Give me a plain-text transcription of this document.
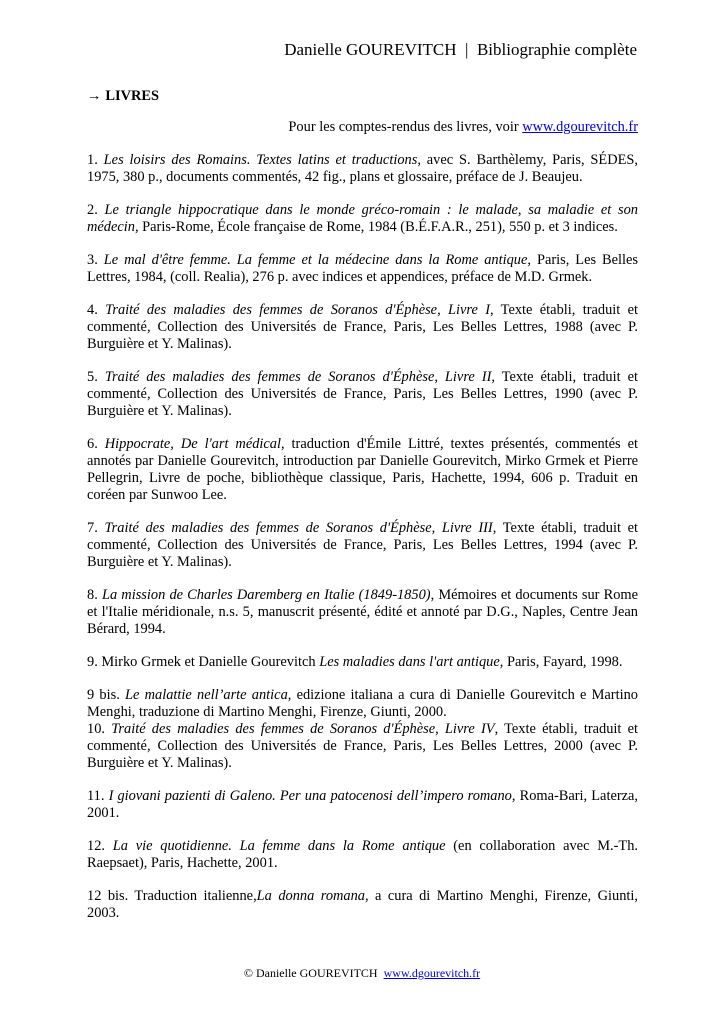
Danielle GOUREVITCH | Bibliographie complète
→ LIVRES
Pour les comptes-rendus des livres, voir www.dgourevitch.fr

1. Les loisirs des Romains. Textes latins et traductions, avec S. Barthèlemy, Paris, SÉDES, 1975, 380 p., documents commentés, 42 fig., plans et glossaire, préface de J. Beaujeu.

2. Le triangle hippocratique dans le monde gréco-romain : le malade, sa maladie et son médecin, Paris-Rome, École française de Rome, 1984 (B.É.F.A.R., 251), 550 p. et 3 indices.

3. Le mal d'être femme. La femme et la médecine dans la Rome antique, Paris, Les Belles Lettres, 1984, (coll. Realia), 276 p. avec indices et appendices, préface de M.D. Grmek.

4. Traité des maladies des femmes de Soranos d'Éphèse, Livre I, Texte établi, traduit et commenté, Collection des Universités de France, Paris, Les Belles Lettres, 1988 (avec P. Burguière et Y. Malinas).

5. Traité des maladies des femmes de Soranos d'Éphèse, Livre II, Texte établi, traduit et commenté, Collection des Universités de France, Paris, Les Belles Lettres, 1990 (avec P. Burguière et Y. Malinas).

6. Hippocrate, De l'art médical, traduction d'Émile Littré, textes présentés, commentés et annotés par Danielle Gourevitch, introduction par Danielle Gourevitch, Mirko Grmek et Pierre Pellegrin, Livre de poche, bibliothèque classique, Paris, Hachette, 1994, 606 p. Traduit en coréen par Sunwoo Lee.

7. Traité des maladies des femmes de Soranos d'Éphèse, Livre III, Texte établi, traduit et commenté, Collection des Universités de France, Paris, Les Belles Lettres, 1994 (avec P. Burguière et Y. Malinas).

8. La mission de Charles Daremberg en Italie (1849-1850), Mémoires et documents sur Rome et l'Italie méridionale, n.s. 5, manuscrit présenté, édité et annoté par D.G., Naples, Centre Jean Bérard, 1994.

9. Mirko Grmek et Danielle Gourevitch Les maladies dans l'art antique, Paris, Fayard, 1998.

9 bis. Le malattie nell’arte antica, edizione italiana a cura di Danielle Gourevitch e Martino Menghi, traduzione di Martino Menghi, Firenze, Giunti, 2000.

10. Traité des maladies des femmes de Soranos d'Éphèse, Livre IV, Texte établi, traduit et commenté, Collection des Universités de France, Paris, Les Belles Lettres, 2000 (avec P. Burguière et Y. Malinas).

11. I giovani pazienti di Galeno. Per una patocenosi dell’impero romano, Roma-Bari, Laterza, 2001.

12. La vie quotidienne. La femme dans la Rome antique (en collaboration avec M.-Th. Raepsaet), Paris, Hachette, 2001.

12 bis. Traduction italienne,La donna romana, a cura di Martino Menghi, Firenze, Giunti, 2003.

© Danielle GOUREVITCH www.dgourevitch.fr
